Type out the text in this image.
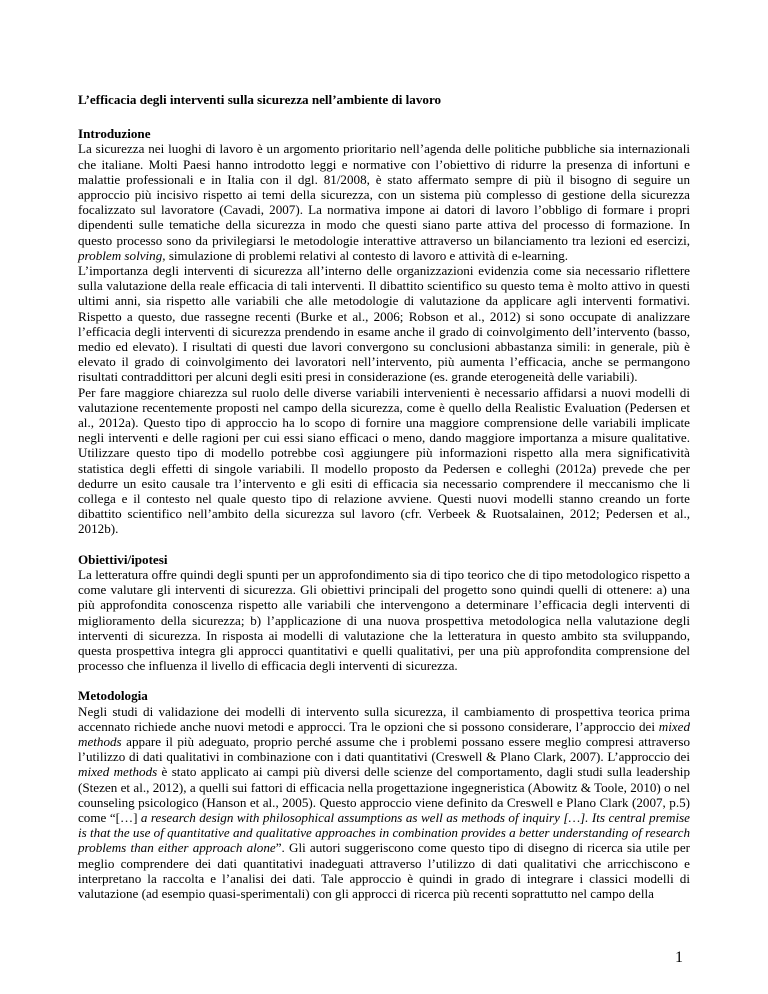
L’efficacia degli interventi sulla sicurezza nell’ambiente di lavoro
Introduzione

La sicurezza nei luoghi di lavoro è un argomento prioritario nell’agenda delle politiche pubbliche sia internazionali che italiane. Molti Paesi hanno introdotto leggi e normative con l’obiettivo di ridurre la presenza di infortuni e malattie professionali e in Italia con il dgl. 81/2008, è stato affermato sempre di più il bisogno di seguire un approccio più incisivo rispetto ai temi della sicurezza, con un sistema più complesso di gestione della sicurezza focalizzato sul lavoratore (Cavadi, 2007). La normativa impone ai datori di lavoro l’obbligo di formare i propri dipendenti sulle tematiche della sicurezza in modo che questi siano parte attiva del processo di formazione. In questo processo sono da privilegiarsi le metodologie interattive attraverso un bilanciamento tra lezioni ed esercizi, problem solving, simulazione di problemi relativi al contesto di lavoro e attività di e-learning.

L’importanza degli interventi di sicurezza all’interno delle organizzazioni evidenzia come sia necessario riflettere sulla valutazione della reale efficacia di tali interventi. Il dibattito scientifico su questo tema è molto attivo in questi ultimi anni, sia rispetto alle variabili che alle metodologie di valutazione da applicare agli interventi formativi. Rispetto a questo, due rassegne recenti (Burke et al., 2006; Robson et al., 2012) si sono occupate di analizzare l’efficacia degli interventi di sicurezza prendendo in esame anche il grado di coinvolgimento dell’intervento (basso, medio ed elevato). I risultati di questi due lavori convergono su conclusioni abbastanza simili: in generale, più è elevato il grado di coinvolgimento dei lavoratori nell’intervento, più aumenta l’efficacia, anche se permangono risultati contraddittori per alcuni degli esiti presi in considerazione (es. grande eterogeneità delle variabili).

Per fare maggiore chiarezza sul ruolo delle diverse variabili intervenienti è necessario affidarsi a nuovi modelli di valutazione recentemente proposti nel campo della sicurezza, come è quello della Realistic Evaluation (Pedersen et al., 2012a). Questo tipo di approccio ha lo scopo di fornire una maggiore comprensione delle variabili implicate negli interventi e delle ragioni per cui essi siano efficaci o meno, dando maggiore importanza a misure qualitative. Utilizzare questo tipo di modello potrebbe così aggiungere più informazioni rispetto alla mera significatività statistica degli effetti di singole variabili. Il modello proposto da Pedersen e colleghi (2012a) prevede che per dedurre un esito causale tra l’intervento e gli esiti di efficacia sia necessario comprendere il meccanismo che li collega e il contesto nel quale questo tipo di relazione avviene. Questi nuovi modelli stanno creando un forte dibattito scientifico nell’ambito della sicurezza sul lavoro (cfr. Verbeek & Ruotsalainen, 2012; Pedersen et al., 2012b).

Obiettivi/ipotesi

La letteratura offre quindi degli spunti per un approfondimento sia di tipo teorico che di tipo metodologico rispetto a come valutare gli interventi di sicurezza. Gli obiettivi principali del progetto sono quindi quelli di ottenere: a) una più approfondita conoscenza rispetto alle variabili che intervengono a determinare l’efficacia degli interventi di miglioramento della sicurezza; b) l’applicazione di una nuova prospettiva metodologica nella valutazione degli interventi di sicurezza. In risposta ai modelli di valutazione che la letteratura in questo ambito sta sviluppando, questa prospettiva integra gli approcci quantitativi e quelli qualitativi, per una più approfondita comprensione del processo che influenza il livello di efficacia degli interventi di sicurezza.

Metodologia

Negli studi di validazione dei modelli di intervento sulla sicurezza, il cambiamento di prospettiva teorica prima accennato richiede anche nuovi metodi e approcci. Tra le opzioni che si possono considerare, l’approccio dei mixed methods appare il più adeguato, proprio perché assume che i problemi possano essere meglio compresi attraverso l’utilizzo di dati qualitativi in combinazione con i dati quantitativi (Creswell & Plano Clark, 2007). L’approccio dei mixed methods è stato applicato ai campi più diversi delle scienze del comportamento, dagli studi sulla leadership (Stezen et al., 2012), a quelli sui fattori di efficacia nella progettazione ingegneristica (Abowitz & Toole, 2010) o nel counseling psicologico (Hanson et al., 2005). Questo approccio viene definito da Creswell e Plano Clark (2007, p.5) come “[…] a research design with philosophical assumptions as well as methods of inquiry […]. Its central premise is that the use of quantitative and qualitative approaches in combination provides a better understanding of research problems than either approach alone”. Gli autori suggeriscono come questo tipo di disegno di ricerca sia utile per meglio comprendere dei dati quantitativi inadeguati attraverso l’utilizzo di dati qualitativi che arricchiscono e interpretano la raccolta e l’analisi dei dati. Tale approccio è quindi in grado di integrare i classici modelli di valutazione (ad esempio quasi-sperimentali) con gli approcci di ricerca più recenti soprattutto nel campo della

1
